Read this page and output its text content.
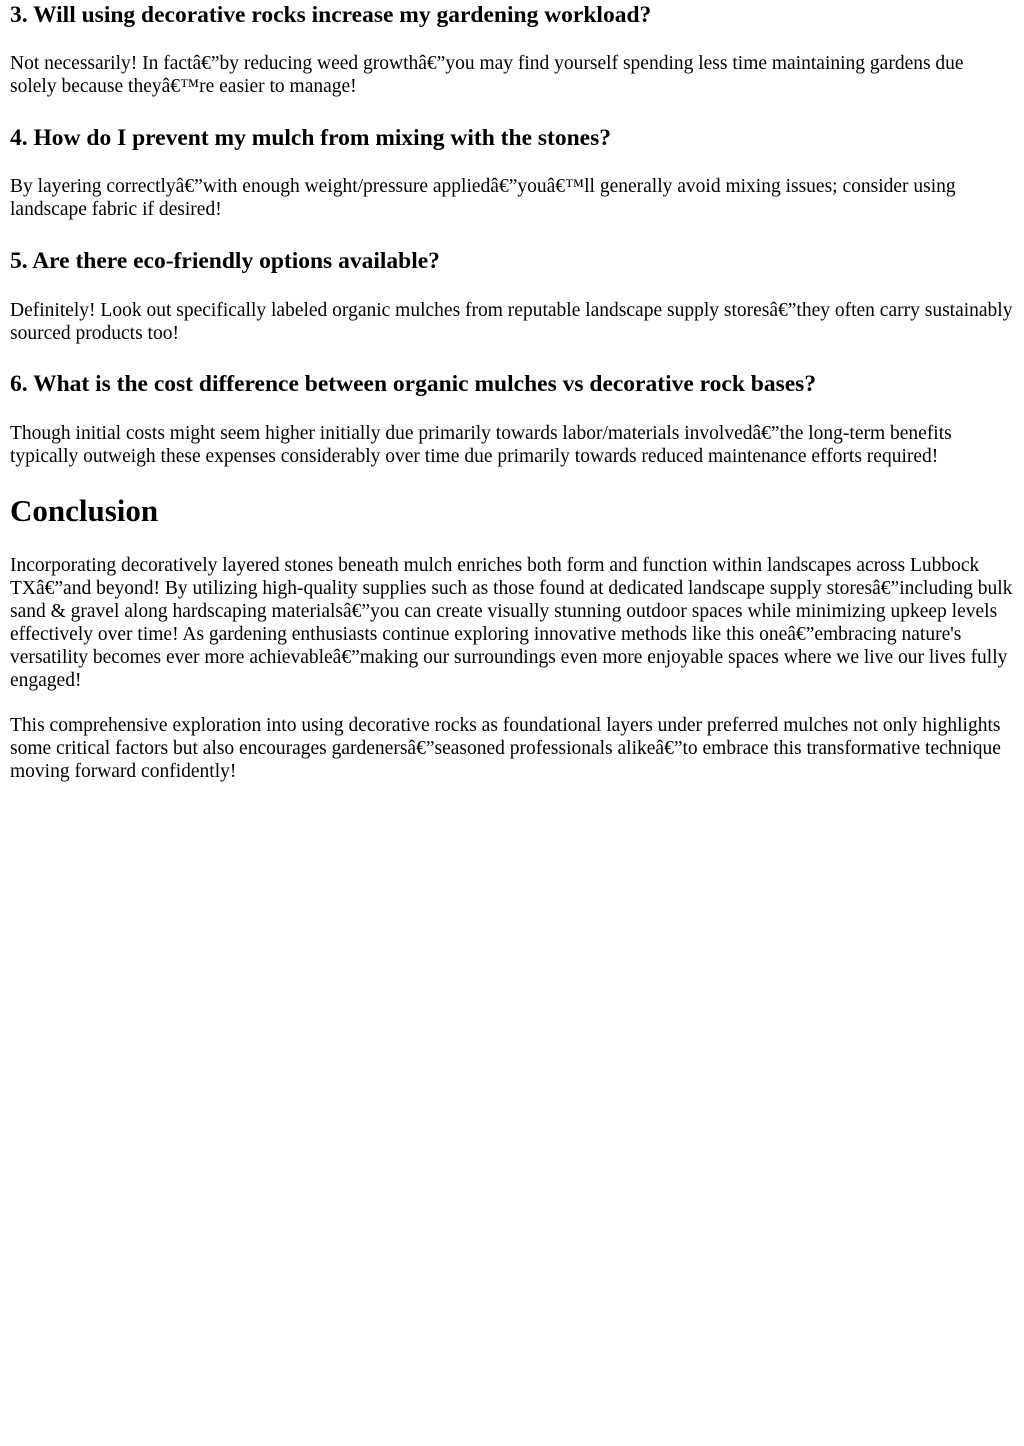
3. Will using decorative rocks increase my gardening workload?

Not necessarily! In factâ€”by reducing weed growthâ€”you may find yourself spending less time maintaining gardens due solely because theyâ€™re easier to manage!

4. How do I prevent my mulch from mixing with the stones?

By layering correctlyâ€”with enough weight/pressure appliedâ€”youâ€™ll generally avoid mixing issues; consider using landscape fabric if desired!

5. Are there eco-friendly options available?

Definitely! Look out specifically labeled organic mulches from reputable landscape supply storesâ€”they often carry sustainably sourced products too!

6. What is the cost difference between organic mulches vs decorative rock bases?

Though initial costs might seem higher initially due primarily towards labor/materials involvedâ€”the long-term benefits typically outweigh these expenses considerably over time due primarily towards reduced maintenance efforts required!

Conclusion

Incorporating decoratively layered stones beneath mulch enriches both form and function within landscapes across Lubbock TXâ€”and beyond! By utilizing high-quality supplies such as those found at dedicated landscape supply storesâ€”including bulk sand & gravel along hardscaping materialsâ€”you can create visually stunning outdoor spaces while minimizing upkeep levels effectively over time! As gardening enthusiasts continue exploring innovative methods like this oneâ€”embracing nature's versatility becomes ever more achievableâ€”making our surroundings even more enjoyable spaces where we live our lives fully engaged!

This comprehensive exploration into using decorative rocks as foundational layers under preferred mulches not only highlights some critical factors but also encourages gardenersâ€”seasoned professionals alikeâ€”to embrace this transformative technique moving forward confidently!
